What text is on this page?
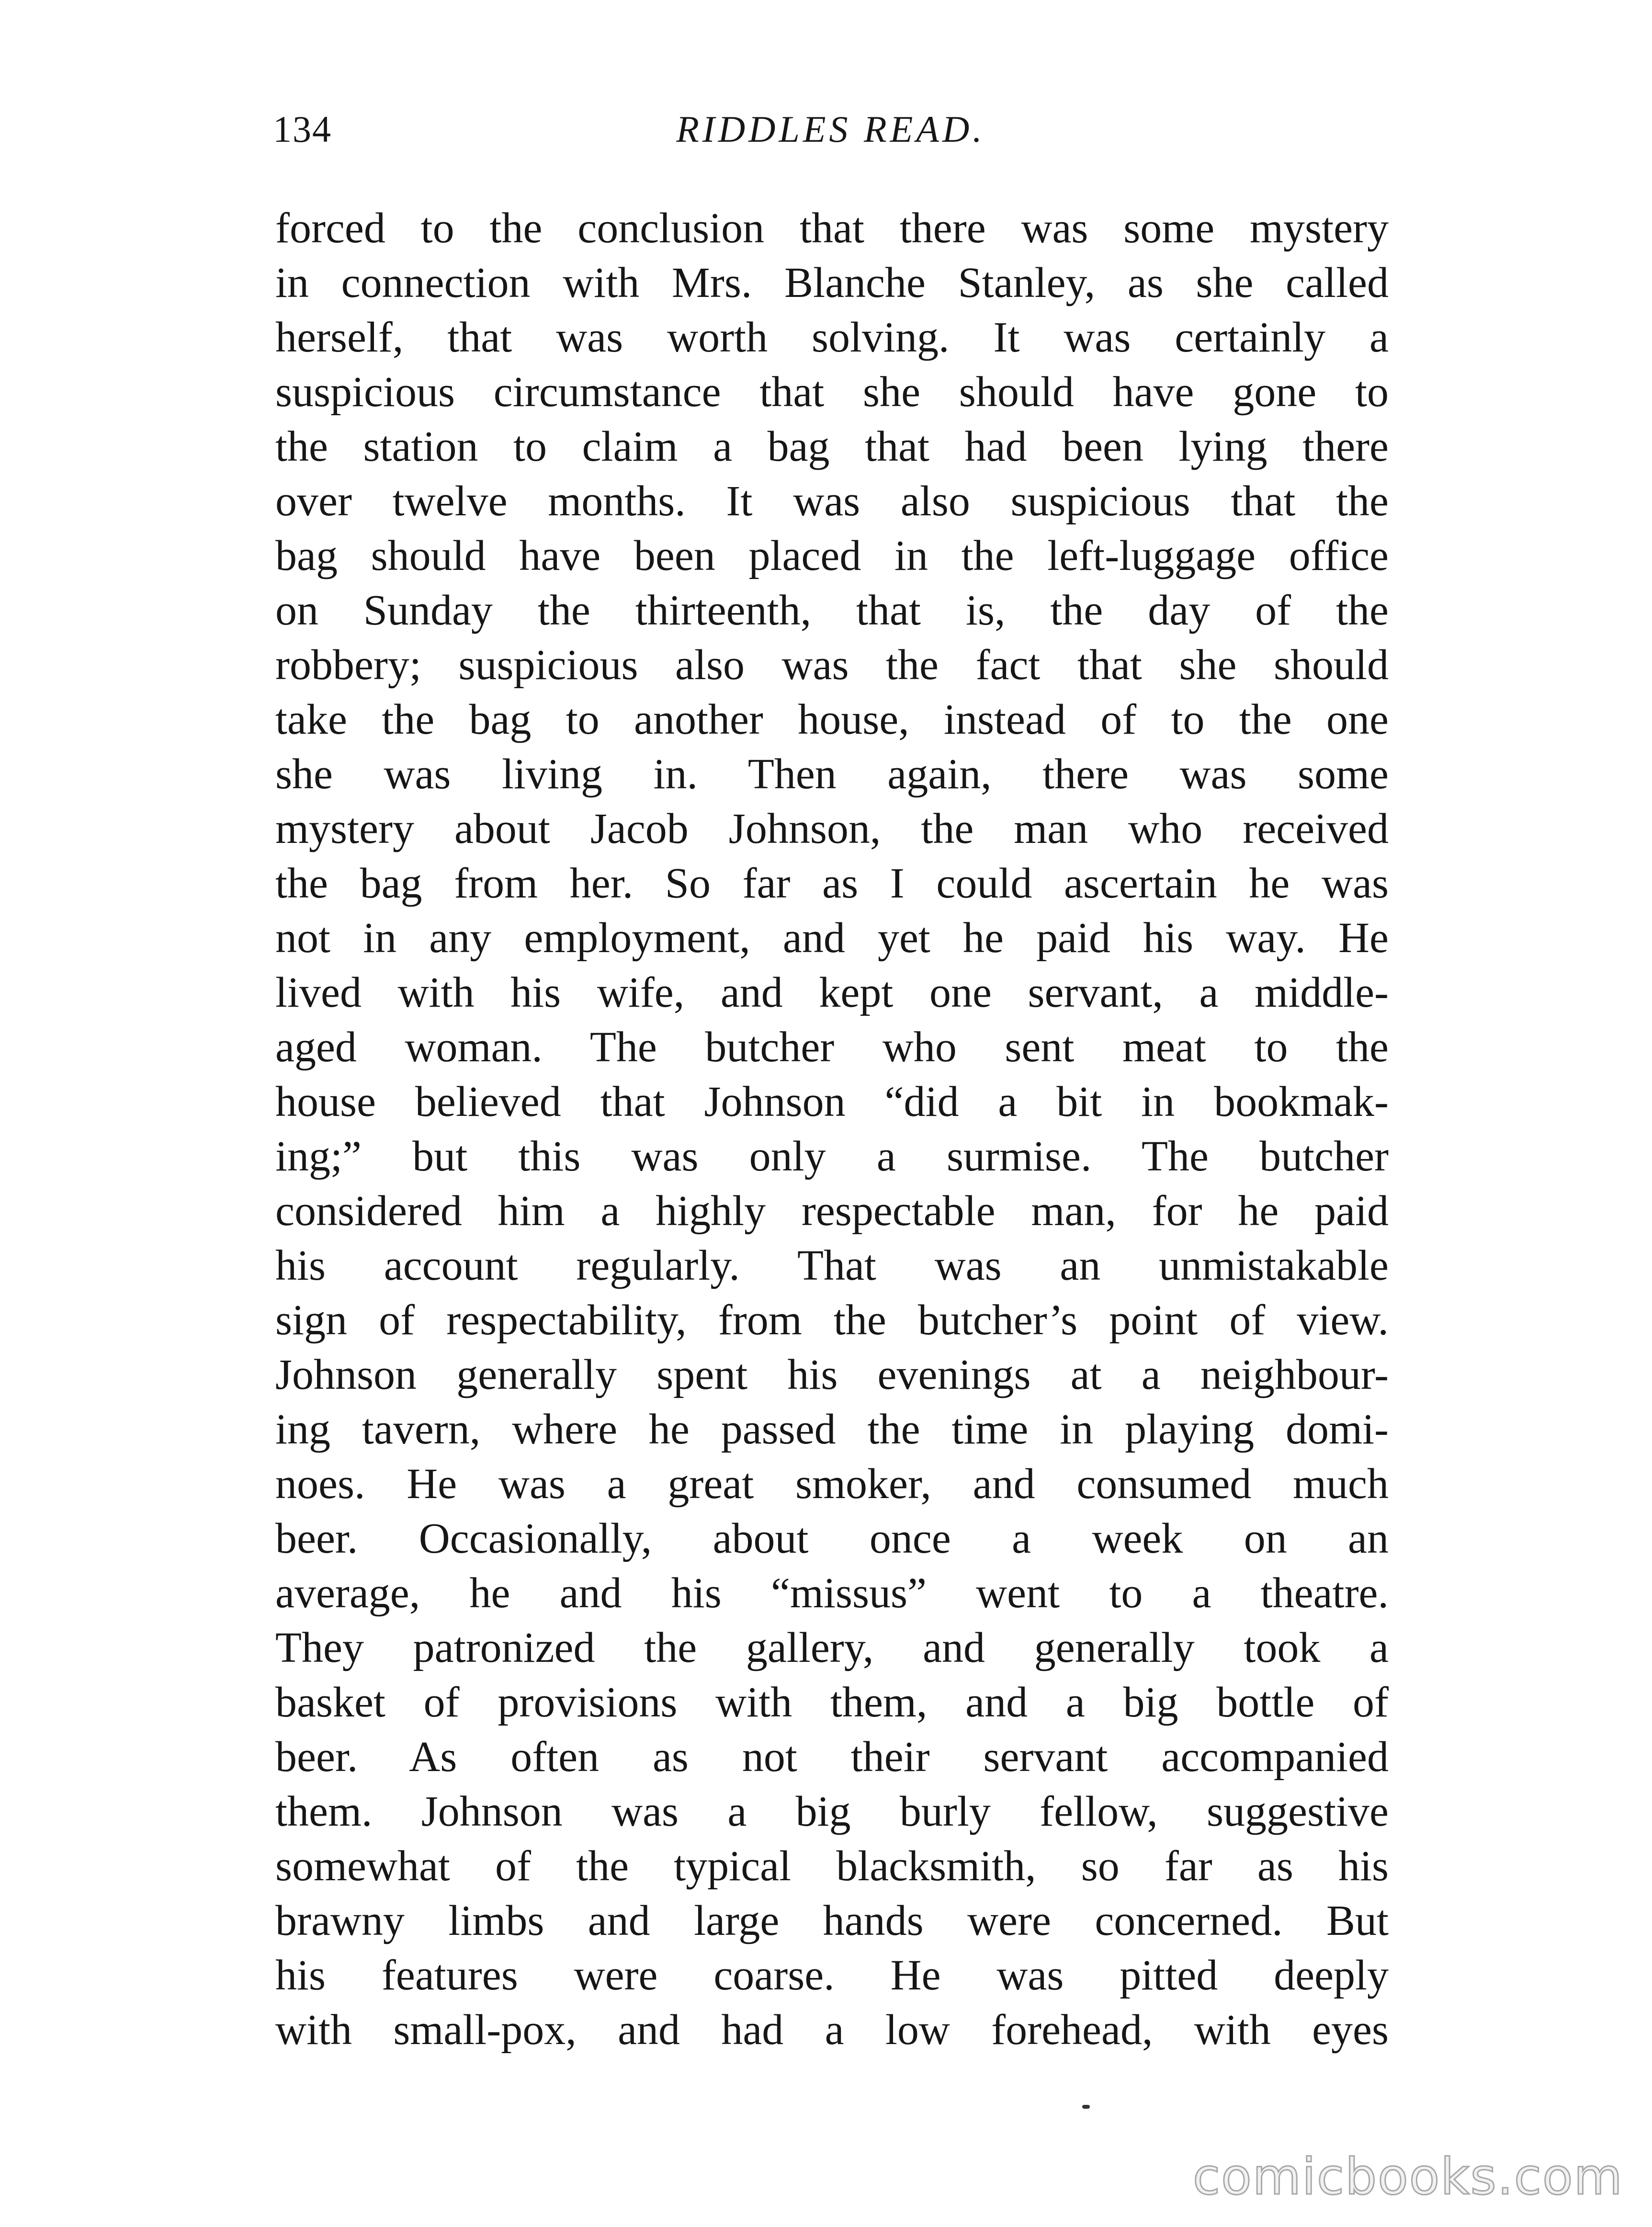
134	RIDDLES READ.
forced to the conclusion that there was some mystery
in connection with Mrs. Blanche Stanley, as she called
herself, that was worth solving. It was certainly a
suspicious circumstance that she should have gone to
the station to claim a bag that had been lying there
over twelve months. It was also suspicious that the
bag should have been placed in the left-luggage office
on Sunday the thirteenth, that is, the day of the
robbery; suspicious also was the fact that she should
take the bag to another house, instead of to the one
she was living in. Then again, there was some
mystery about Jacob Johnson, the man who received
the bag from her. So far as I could ascertain he was
not in any employment, and yet he paid his way. He
lived with his wife, and kept one servant, a middle-
aged woman. The butcher who sent meat to the
house believed that Johnson “did a bit in bookmak-
ing;” but this was only a surmise. The butcher
considered him a highly respectable man, for he paid
his account regularly. That was an unmistakable
sign of respectability, from the butcher’s point of view.
Johnson generally spent his evenings at a neighbour-
ing tavern, where he passed the time in playing domi-
noes. He was a great smoker, and consumed much
beer. Occasionally, about once a week on an
average, he and his “missus” went to a theatre.
They patronized the gallery, and generally took a
basket of provisions with them, and a big bottle of
beer. As often as not their servant accompanied
them. Johnson was a big burly fellow, suggestive
somewhat of the typical blacksmith, so far as his
brawny limbs and large hands were concerned. But
his features were coarse. He was pitted deeply
with small-pox, and had a low forehead, with eyes
comicbooks.com
